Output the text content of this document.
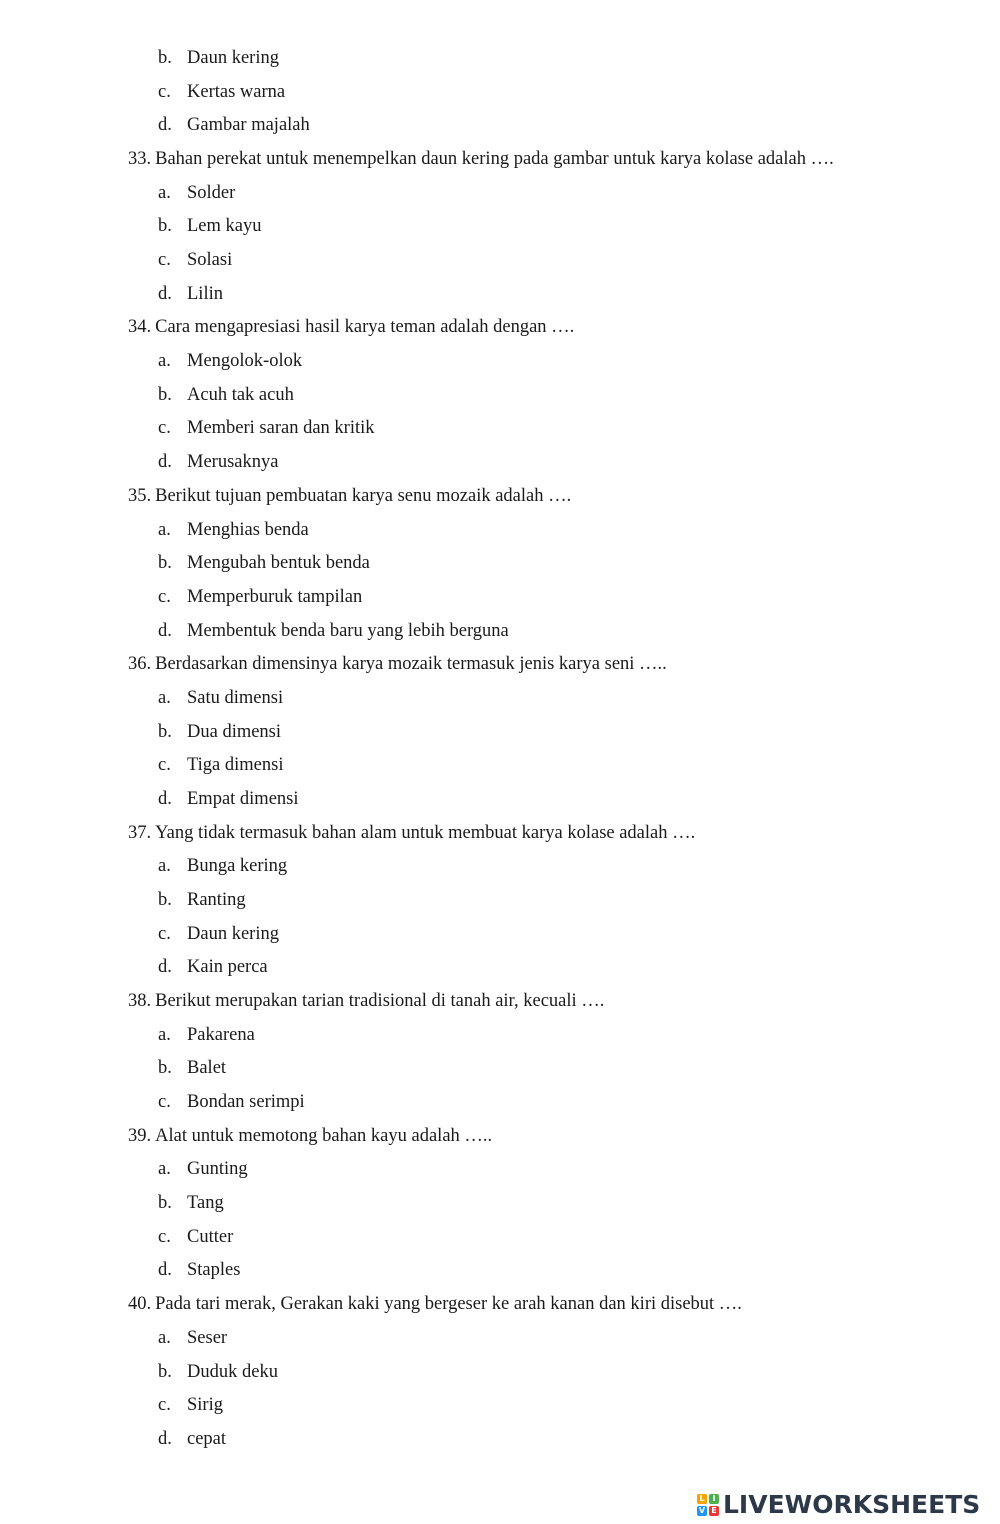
b. Daun kering
c. Kertas warna
d. Gambar majalah
33. Bahan perekat untuk menempelkan daun kering pada gambar untuk karya kolase adalah ….
a. Solder
b. Lem kayu
c. Solasi
d. Lilin
34. Cara mengapresiasi hasil karya teman adalah dengan ….
a. Mengolok-olok
b. Acuh tak acuh
c. Memberi saran dan kritik
d. Merusaknya
35. Berikut tujuan pembuatan karya senu mozaik adalah ….
a. Menghias benda
b. Mengubah bentuk benda
c. Memperburuk tampilan
d. Membentuk benda baru yang lebih berguna
36. Berdasarkan dimensinya karya mozaik termasuk jenis karya seni …..
a. Satu dimensi
b. Dua dimensi
c. Tiga dimensi
d. Empat dimensi
37. Yang tidak termasuk bahan alam untuk membuat karya kolase adalah ….
a. Bunga kering
b. Ranting
c. Daun kering
d. Kain perca
38. Berikut merupakan tarian tradisional di tanah air, kecuali ….
a. Pakarena
b. Balet
c. Bondan serimpi
39. Alat untuk memotong bahan kayu adalah …..
a. Gunting
b. Tang
c. Cutter
d. Staples
40. Pada tari merak, Gerakan kaki yang bergeser ke arah kanan dan kiri disebut ….
a. Seser
b. Duduk deku
c. Sirig
d. cepat
L I
V E LIVEWORKSHEETS
